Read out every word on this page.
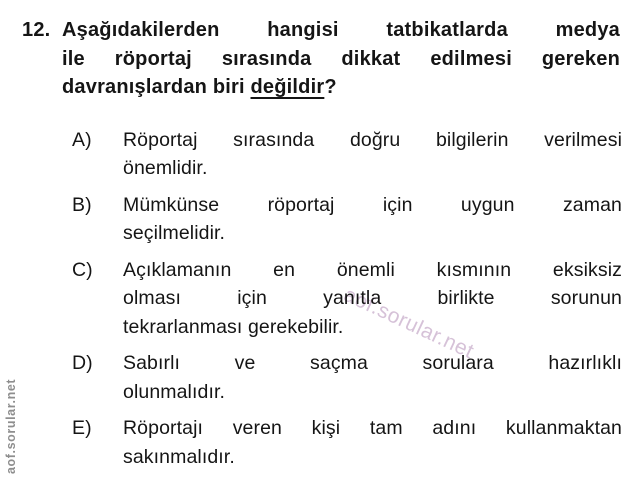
aof.sorular.net
aof.sorular.net
12. Aşağıdakilerden hangisi tatbikatlarda medya
ile röportaj sırasında dikkat edilmesi gereken
davranışlardan biri değildir?
A)	Röportaj sırasında doğru bilgilerin verilmesi
önemlidir.
B)	Mümkünse röportaj için uygun zaman
seçilmelidir.
C)	Açıklamanın en önemli kısmının eksiksiz
olması için yanıtla birlikte sorunun
tekrarlanması gerekebilir.
D)	Sabırlı ve saçma sorulara hazırlıklı
olunmalıdır.
E)	Röportajı veren kişi tam adını kullanmaktan
sakınmalıdır.
